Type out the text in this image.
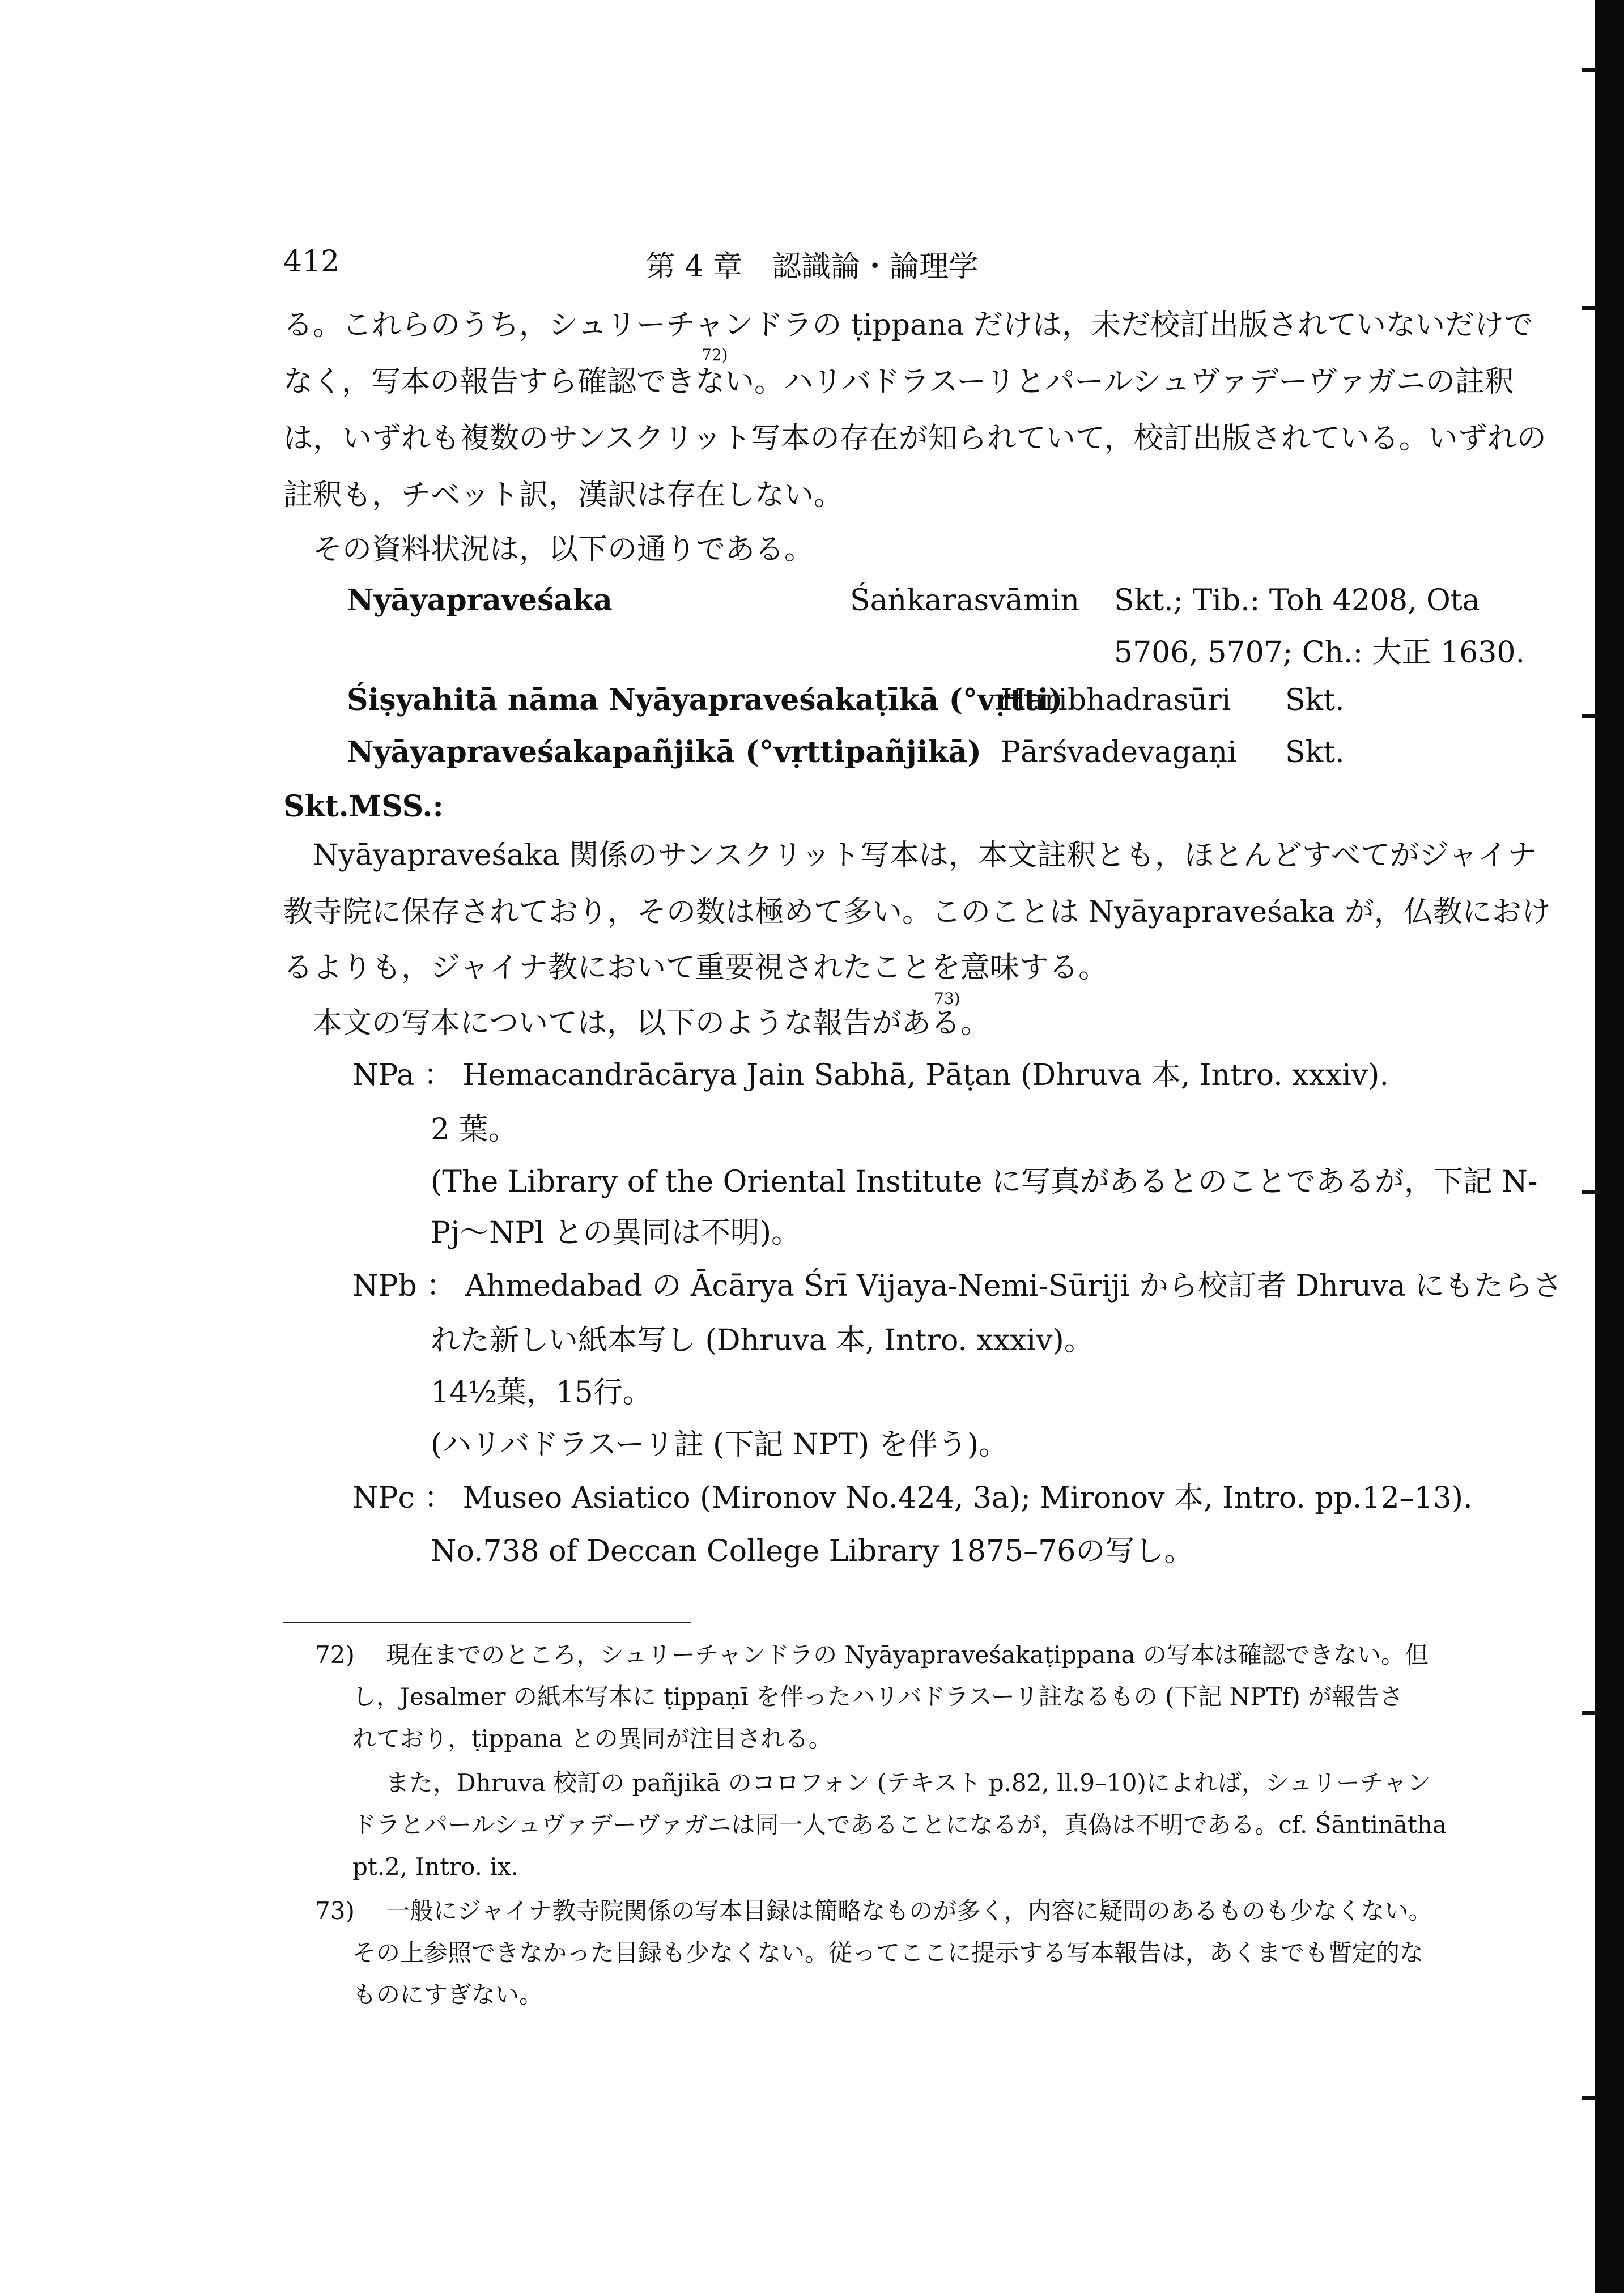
412	第 4 章　認識論・論理学
る。これらのうち，シュリーチャンドラの ṭippana だけは，未だ校訂出版されていないだけで
72)
なく，写本の報告すら確認できない。ハリバドラスーリとパールシュヴァデーヴァガニの註釈
は，いずれも複数のサンスクリット写本の存在が知られていて，校訂出版されている。いずれの
註釈も，チベット訳，漢訳は存在しない。
その資料状況は，以下の通りである。
Nyāyapraveśaka	Śaṅkarasvāmin Skt.; Tib.: Toh 4208, Ota
5706, 5707; Ch.: 大正 1630.
Śiṣyahitā nāma Nyāyapraveśakaṭīkā (°vṛtti)
Haribhadrasūri Skt.
Nyāyapraveśakapañjikā (°vṛttipañjikā) Pārśvadevagaṇi Skt.
Skt.MSS.:
Nyāyapraveśaka 関係のサンスクリット写本は，本文註釈とも，ほとんどすべてがジャイナ
教寺院に保存されており，その数は極めて多い。このことは Nyāyapraveśaka が，仏教におけ
るよりも，ジャイナ教において重要視されたことを意味する。
73)
本文の写本については，以下のような報告がある。
NPa ： Hemacandrācārya Jain Sabhā, Pāṭan (Dhruva 本, Intro. xxxiv).
2 葉。
(The Library of the Oriental Institute に写真があるとのことであるが，下記 N-
Pj〜NPl との異同は不明)。
NPb ： Ahmedabad の Ācārya Śrī Vijaya-Nemi-Sūriji から校訂者 Dhruva にもたらさ
れた新しい紙本写し (Dhruva 本, Intro. xxxiv)。
14½葉，15行。
(ハリバドラスーリ註 (下記 NPT) を伴う)。
NPc ： Museo Asiatico (Mironov No.424, 3a); Mironov 本, Intro. pp.12–13).
No.738 of Deccan College Library 1875–76の写し。
72)　 現在までのところ，シュリーチャンドラの Nyāyapraveśakaṭippana の写本は確認できない。但
し，Jesalmer の紙本写本に ṭippaṇī を伴ったハリバドラスーリ註なるもの (下記 NPTf) が報告さ
れており，ṭippana との異同が注目される。
また，Dhruva 校訂の pañjikā のコロフォン (テキスト p.82, ll.9–10)によれば，シュリーチャン
ドラとパールシュヴァデーヴァガニは同一人であることになるが，真偽は不明である。cf. Śāntinātha
pt.2, Intro. ix.
73)　 一般にジャイナ教寺院関係の写本目録は簡略なものが多く，内容に疑問のあるものも少なくない。
その上参照できなかった目録も少なくない。従ってここに提示する写本報告は，あくまでも暫定的な
ものにすぎない。
